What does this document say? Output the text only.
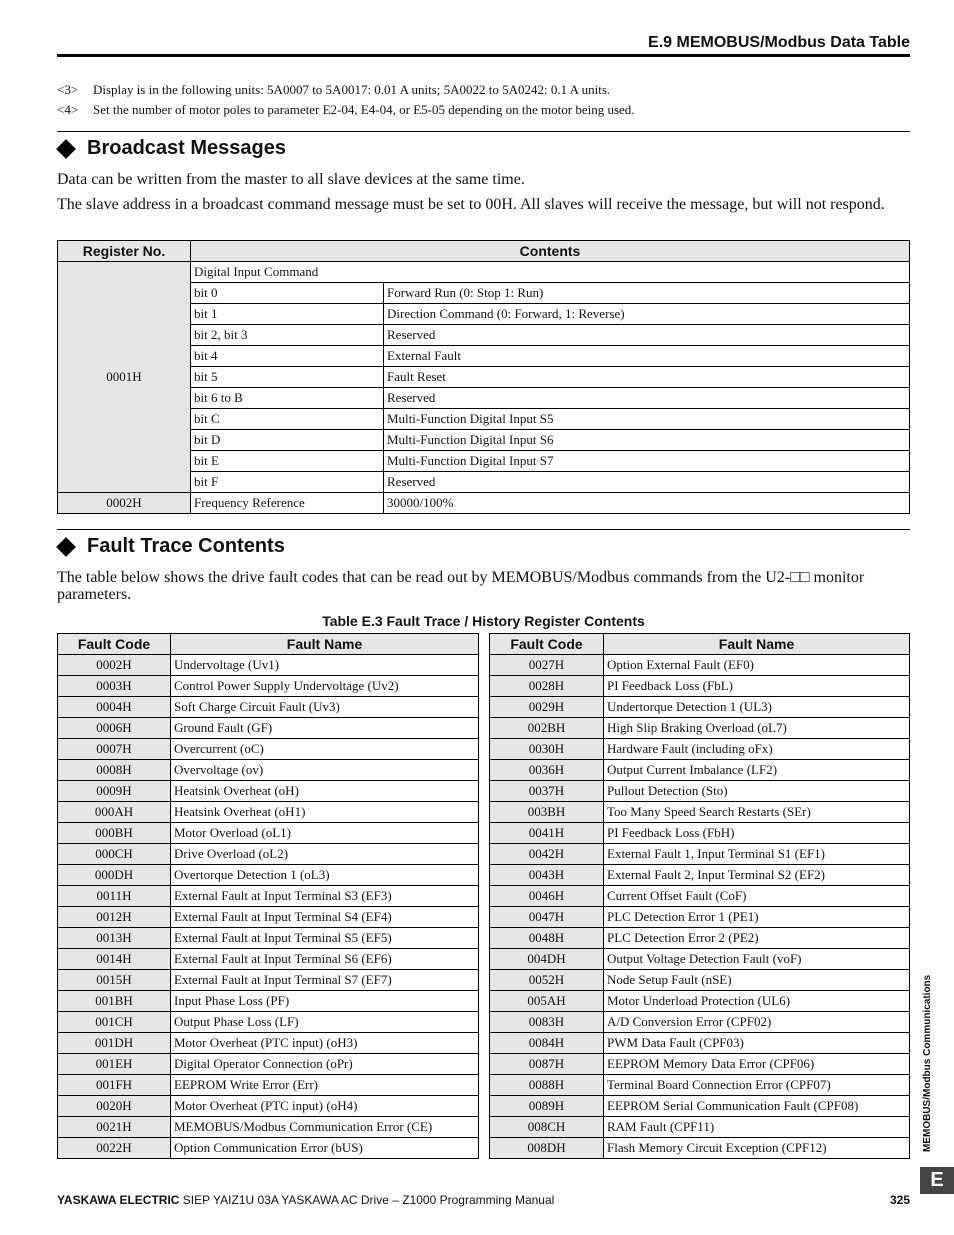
E.9 MEMOBUS/Modbus Data Table
<3>	Display is in the following units: 5A0007 to 5A0017: 0.01 A units; 5A0022 to 5A0242: 0.1 A units.
<4>	Set the number of motor poles to parameter E2-04, E4-04, or E5-05 depending on the motor being used.
Broadcast Messages
Data can be written from the master to all slave devices at the same time.
The slave address in a broadcast command message must be set to 00H. All slaves will receive the message, but will not respond.
Register No.	Contents	
0001H	Digital Input Command	
	bit 0	Forward Run (0: Stop 1: Run)
	bit 1	Direction Command (0: Forward, 1: Reverse)
	bit 2, bit 3	Reserved
	bit 4	External Fault
	bit 5	Fault Reset
	bit 6 to B	Reserved
	bit C	Multi-Function Digital Input S5
	bit D	Multi-Function Digital Input S6
	bit E	Multi-Function Digital Input S7
	bit F	Reserved
0002H	Frequency Reference	30000/100%
Fault Trace Contents
The table below shows the drive fault codes that can be read out by MEMOBUS/Modbus commands from the U2-□□ monitor parameters.
Table E.3 Fault Trace / History Register Contents
Fault Code	Fault Name
0002H	Undervoltage (Uv1)
0003H	Control Power Supply Undervoltage (Uv2)
0004H	Soft Charge Circuit Fault (Uv3)
0006H	Ground Fault (GF)
0007H	Overcurrent (oC)
0008H	Overvoltage (ov)
0009H	Heatsink Overheat (oH)
000AH	Heatsink Overheat (oH1)
000BH	Motor Overload (oL1)
000CH	Drive Overload (oL2)
000DH	Overtorque Detection 1 (oL3)
0011H	External Fault at Input Terminal S3 (EF3)
0012H	External Fault at Input Terminal S4 (EF4)
0013H	External Fault at Input Terminal S5 (EF5)
0014H	External Fault at Input Terminal S6 (EF6)
0015H	External Fault at Input Terminal S7 (EF7)
001BH	Input Phase Loss (PF)
001CH	Output Phase Loss (LF)
001DH	Motor Overheat (PTC input) (oH3)
001EH	Digital Operator Connection (oPr)
001FH	EEPROM Write Error (Err)
0020H	Motor Overheat (PTC input) (oH4)
0021H	MEMOBUS/Modbus Communication Error (CE)
0022H	Option Communication Error (bUS)
Fault Code	Fault Name
0027H	Option External Fault (EF0)
0028H	PI Feedback Loss (FbL)
0029H	Undertorque Detection 1 (UL3)
002BH	High Slip Braking Overload (oL7)
0030H	Hardware Fault (including oFx)
0036H	Output Current Imbalance (LF2)
0037H	Pullout Detection (Sto)
003BH	Too Many Speed Search Restarts (SEr)
0041H	PI Feedback Loss (FbH)
0042H	External Fault 1, Input Terminal S1 (EF1)
0043H	External Fault 2, Input Terminal S2 (EF2)
0046H	Current Offset Fault (CoF)
0047H	PLC Detection Error 1 (PE1)
0048H	PLC Detection Error 2 (PE2)
004DH	Output Voltage Detection Fault (voF)
0052H	Node Setup Fault (nSE)
005AH	Motor Underload Protection (UL6)
0083H	A/D Conversion Error (CPF02)
0084H	PWM Data Fault (CPF03)
0087H	EEPROM Memory Data Error (CPF06)
0088H	Terminal Board Connection Error (CPF07)
0089H	EEPROM Serial Communication Fault (CPF08)
008CH	RAM Fault (CPF11)
008DH	Flash Memory Circuit Exception (CPF12)	MEMOBUS/Modbus Communications
E
YASKAWA ELECTRIC SIEP YAIZ1U 03A YASKAWA AC Drive – Z1000 Programming Manual	325
